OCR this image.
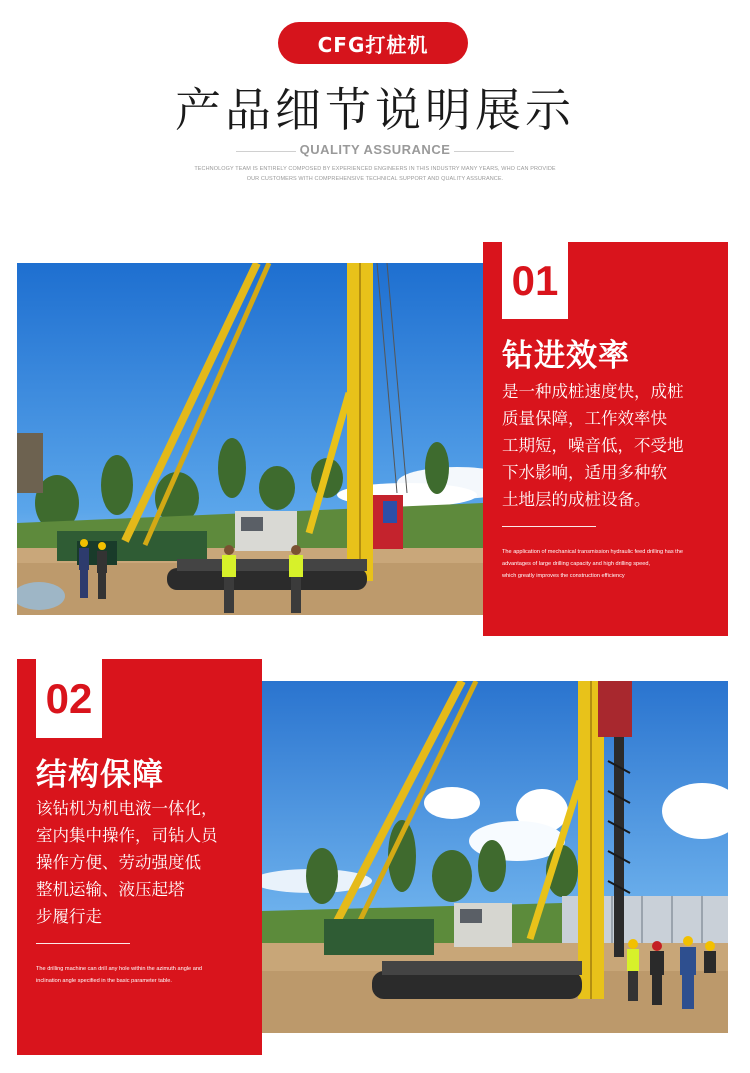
CFG打桩机
产品细节说明展示
QUALITY ASSURANCE
TECHNOLOGY TEAM IS ENTIRELY COMPOSED BY EXPERIENCED ENGINEERS IN THIS INDUSTRY MANY YEARS, WHO CAN PROVIDE
OUR CUSTOMERS WITH COMPREHENSIVE TECHNICAL SUPPORT AND QUALITY ASSURANCE.
01
钻进效率
是一种成桩速度快，成桩
质量保障，工作效率快
工期短，噪音低，不受地
下水影响，适用多种软
土地层的成桩设备。
The application of mechanical transmission hydraulic feed drilling has the
advantages of large drilling capacity and high drilling speed,
which greatly improves the construction efficiency
02
结构保障
该钻机为机电液一体化，
室内集中操作，司钻人员
操作方便、劳动强度低
整机运输、液压起塔
步履行走
The drilling machine can drill any hole within the azimuth angle and
inclination angle specified in the basic parameter table.
